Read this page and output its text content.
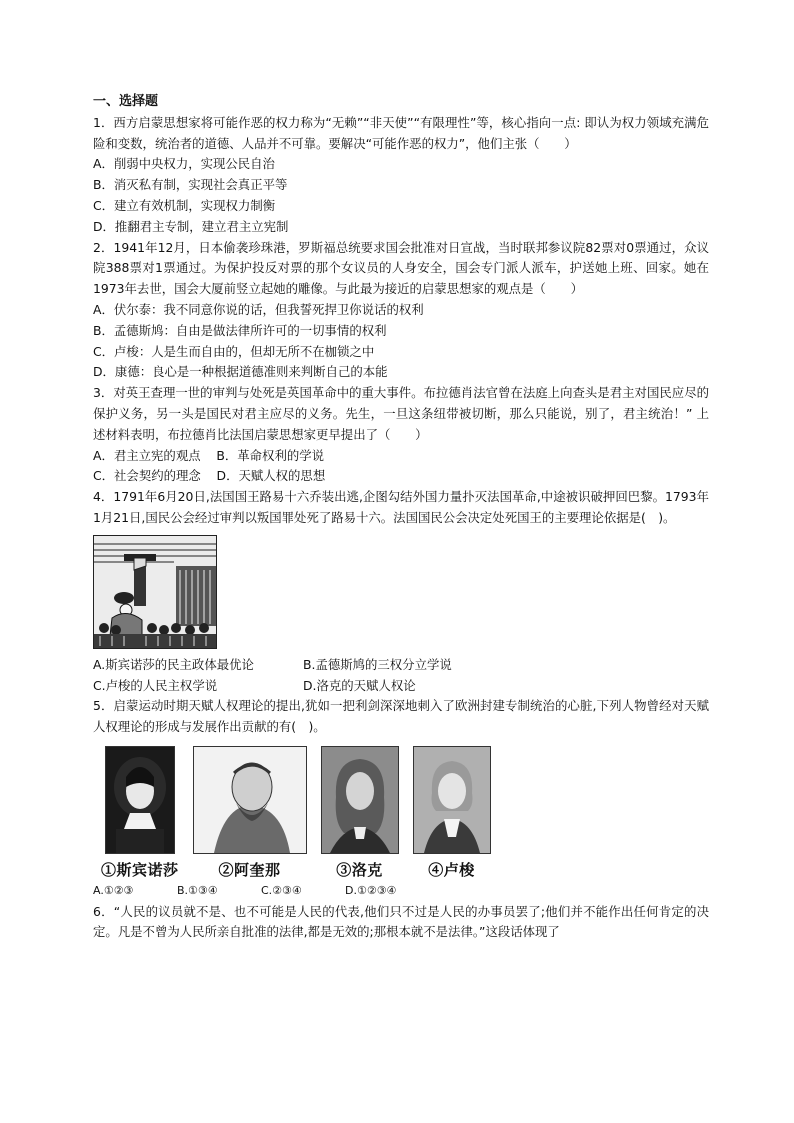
一、选择题

1．西方启蒙思想家将可能作恶的权力称为“无赖”“非天使”“有限理性”等，核心指向一点: 即认为权力领域充满危险和变数，统治者的道德、人品并不可靠。要解决“可能作恶的权力”，他们主张（　　）

A．削弱中央权力，实现公民自治

B．消灭私有制，实现社会真正平等

C．建立有效机制，实现权力制衡

D．推翻君主专制，建立君主立宪制

2．1941年12月，日本偷袭珍珠港，罗斯福总统要求国会批准对日宣战，当时联邦参议院82票对0票通过，众议院388票对1票通过。为保护投反对票的那个女议员的人身安全，国会专门派人派车，护送她上班、回家。她在1973年去世，国会大厦前竖立起她的雕像。与此最为接近的启蒙思想家的观点是（　　）

A．伏尔泰：我不同意你说的话，但我誓死捍卫你说话的权利

B．孟德斯鸠：自由是做法律所许可的一切事情的权利

C．卢梭：人是生而自由的，但却无所不在枷锁之中

D．康德：良心是一种根据道德准则来判断自己的本能

3．对英王查理一世的审判与处死是英国革命中的重大事件。布拉德肖法官曾在法庭上向查头是君主对国民应尽的保护义务，另一头是国民对君主应尽的义务。先生，一旦这条纽带被切断，那么只能说，别了，君主统治！” 上述材料表明，布拉德肖比法国启蒙思想家更早提出了（　　）

A．君主立宪的观点 B．革命权利的学说

C．社会契约的理念 D．天赋人权的思想

4．1791年6月20日,法国国王路易十六乔装出逃,企图勾结外国力量扑灭法国革命,中途被识破押回巴黎。1793年1月21日,国民公会经过审判以叛国罪处死了路易十六。法国国民公会决定处死国王的主要理论依据是(　)。

A.斯宾诺莎的民主政体最优论	B.孟德斯鸠的三权分立学说
C.卢梭的人民主权学说	D.洛克的天赋人权论

5．启蒙运动时期天赋人权理论的提出,犹如一把利剑深深地刺入了欧洲封建专制统治的心脏,下列人物曾经对天赋人权理论的形成与发展作出贡献的有(　)。

①斯宾诺莎	②阿奎那	③洛克	④卢梭
A.①②③	B.①③④	C.②③④	D.①②③④

6．“人民的议员就不是、也不可能是人民的代表,他们只不过是人民的办事员罢了;他们并不能作出任何肯定的决定。凡是不曾为人民所亲自批准的法律,都是无效的;那根本就不是法律。”这段话体现了
